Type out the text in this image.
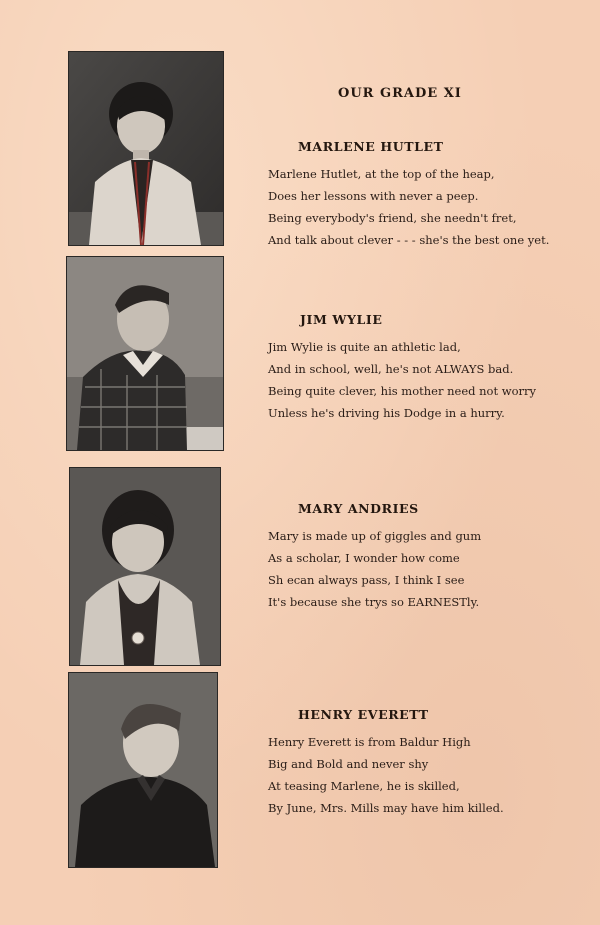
OUR GRADE XI
MARLENE HUTLET
Marlene Hutlet, at the top of the heap,
Does her lessons with never a peep.
Being everybody's friend, she needn't fret,
And talk about clever - - - she's the best one yet.
JIM WYLIE
Jim Wylie is quite an athletic lad,
And in school, well, he's not ALWAYS bad.
Being quite clever, his mother need not worry
Unless he's driving his Dodge in a hurry.
MARY ANDRIES
Mary is made up of giggles and gum
As a scholar, I wonder how come
Sh ecan always pass, I think I see
It's because she trys so EARNESTly.
HENRY EVERETT
Henry Everett is from Baldur High
Big and Bold and never shy
At teasing Marlene, he is skilled,
By June, Mrs. Mills may have him killed.
